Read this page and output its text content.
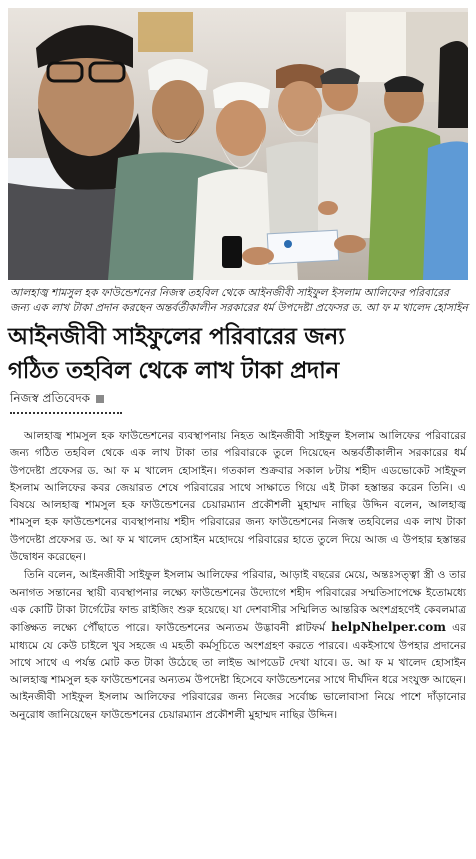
আলহাজ্ব শামসুল হক ফাউন্ডেশনের নিজস্ব তহবিল থেকে আইনজীবী সাইফুল ইসলাম আলিফের পরিবারের জন্য এক লাখ টাকা প্রদান করছেন অন্তর্বর্তীকালীন সরকারের ধর্ম উপদেষ্টা প্রফেসর ড. আ ফ ম খালেদ হোসাইন

আইনজীবী সাইফুলের পরিবারের জন্য
গঠিত তহবিল থেকে লাখ টাকা প্রদান
নিজস্ব প্রতিবেদক

আলহাজ্ব শামসুল হক ফাউন্ডেশনের ব্যবস্থাপনায় নিহত আইনজীবী সাইফুল ইসলাম আলিফের পরিবারের জন্য গঠিত তহবিল থেকে এক লাখ টাকা তার পরিবারকে তুলে দিয়েছেন অন্তর্বর্তীকালীন সরকারের ধর্ম উপদেষ্টা প্রফেসর ড. আ ফ ম খালেদ হোসাইন। গতকাল শুক্রবার সকাল ৮টায় শহীদ এডভোকেট সাইফুল ইসলাম আলিফের কবর জেয়ারত শেষে পরিবারের সাথে সাক্ষাতে গিয়ে এই টাকা হস্তান্তর করেন তিনি। এ বিষয়ে আলহাজ্ব শামসুল হক ফাউন্ডেশনের চেয়ারম্যান প্রকৌশলী মুহাম্মদ নাছির উদ্দিন বলেন, আলহাজ্ব শামসুল হক ফাউন্ডেশনের ব্যবস্থাপনায় শহীদ পরিবারের জন্য ফাউন্ডেশনের নিজস্ব তহবিলের এক লাখ টাকা উপদেষ্টা প্রফেসর ড. আ ফ ম খালেদ হোসাইন মহোদয়ে পরিবারের হাতে তুলে দিয়ে আজ এ উপহার হস্তান্তর উদ্বোধন করেছেন।

তিনি বলেন, আইনজীবী সাইফুল ইসলাম আলিফের পরিবার, আড়াই বছরের মেয়ে, অন্তঃসত্ত্বা স্ত্রী ও তার অনাগত সন্তানের স্থায়ী ব্যবস্থাপনার লক্ষ্যে ফাউন্ডেশনের উদ্যোগে শহীদ পরিবারের সম্মতিসাপেক্ষে ইতোমধ্যে এক কোটি টাকা টার্গেটের ফান্ড রাইজিং শুরু হয়েছে। যা দেশবাসীর সম্মিলিত আন্তরিক অংশগ্রহণেই কেবলমাত্র কাঙ্ক্ষিত লক্ষ্যে পৌঁছাতে পারে। ফাউন্ডেশনের অন্যতম উদ্ভাবনী প্লাটফর্ম helpNhelper.com এর মাধ্যমে যে কেউ চাইলে খুব সহজে এ মহতী কর্মসূচিতে অংশগ্রহণ করতে পারবে। একইসাথে উপহার প্রদানের সাথে সাথে এ পর্যন্ত মোট কত টাকা উঠেছে তা লাইভ আপডেট দেখা যাবে। ড. আ ফ ম খালেদ হোসাইন আলহাজ্ব শামসুল হক ফাউন্ডেশনের অন্যতম উপদেষ্টা হিসেবে ফাউন্ডেশনের সাথে দীর্ঘদিন ধরে সংযুক্ত আছেন। আইনজীবী সাইফুল ইসলাম আলিফের পরিবারের জন্য নিজের সর্বোচ্চ ভালোবাসা নিয়ে পাশে দাঁড়ানোর অনুরোধ জানিয়েছেন ফাউন্ডেশনের চেয়ারম্যান প্রকৌশলী মুহাম্মদ নাছির উদ্দিন।
